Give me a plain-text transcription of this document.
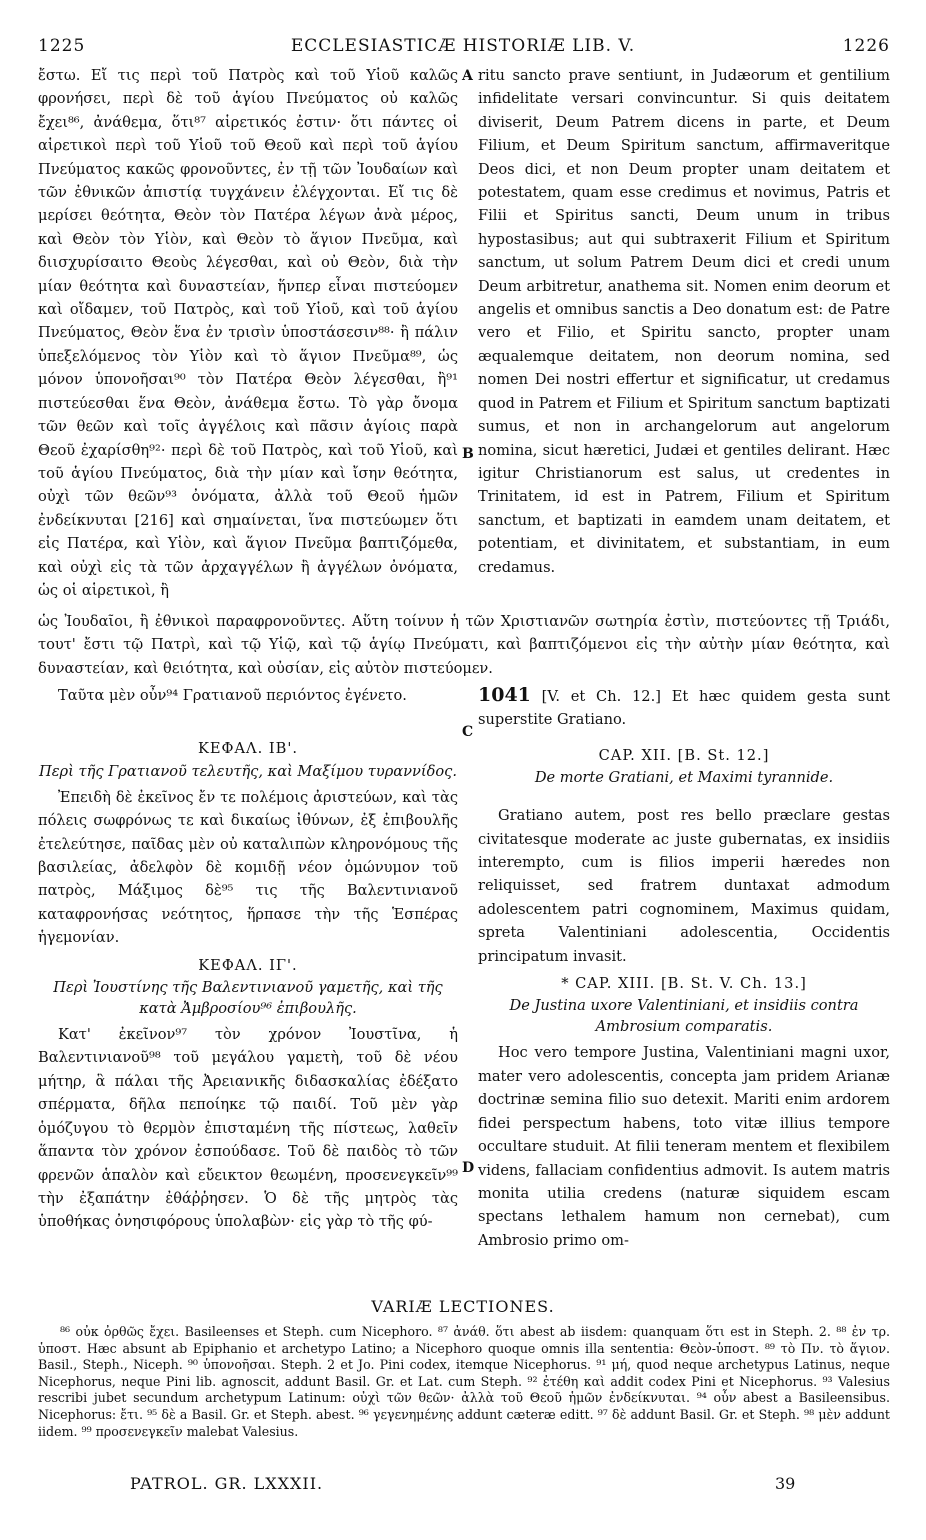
1225	ECCLESIASTICÆ HISTORIÆ LIB. V.	1226

ἔστω. Εἴ τις περὶ τοῦ Πατρὸς καὶ τοῦ Υἱοῦ καλῶς φρονήσει, περὶ δὲ τοῦ ἁγίου Πνεύματος οὐ καλῶς ἔχει⁸⁶, ἀνάθεμα, ὅτι⁸⁷ αἱρετικός ἐστιν· ὅτι πάντες οἱ αἱρετικοὶ περὶ τοῦ Υἱοῦ τοῦ Θεοῦ καὶ περὶ τοῦ ἁγίου Πνεύματος κακῶς φρονοῦντες, ἐν τῇ τῶν Ἰουδαίων καὶ τῶν ἐθνικῶν ἀπιστίᾳ τυγχάνειν ἐλέγχονται. Εἴ τις δὲ μερίσει θεότητα, Θεὸν τὸν Πατέρα λέγων ἀνὰ μέρος, καὶ Θεὸν τὸν Υἱὸν, καὶ Θεὸν τὸ ἅγιον Πνεῦμα, καὶ διισχυρίσαιτο Θεοὺς λέγεσθαι, καὶ οὐ Θεὸν, διὰ τὴν μίαν θεότητα καὶ δυναστείαν, ἥνπερ εἶναι πιστεύομεν καὶ οἴδαμεν, τοῦ Πατρὸς, καὶ τοῦ Υἱοῦ, καὶ τοῦ ἁγίου Πνεύματος, Θεὸν ἕνα ἐν τρισὶν ὑποστάσεσιν⁸⁸· ἢ πάλιν ὑπεξελόμενος τὸν Υἱὸν καὶ τὸ ἅγιον Πνεῦμα⁸⁹, ὡς μόνον ὑπονοῆσαι⁹⁰ τὸν Πατέρα Θεὸν λέγεσθαι, ἢ⁹¹ πιστεύεσθαι ἕνα Θεὸν, ἀνάθεμα ἔστω. Τὸ γὰρ ὄνομα τῶν θεῶν καὶ τοῖς ἀγγέλοις καὶ πᾶσιν ἁγίοις παρὰ Θεοῦ ἐχαρίσθη⁹²· περὶ δὲ τοῦ Πατρὸς, καὶ τοῦ Υἱοῦ, καὶ τοῦ ἁγίου Πνεύματος, διὰ τὴν μίαν καὶ ἴσην θεότητα, οὐχὶ τῶν θεῶν⁹³ ὀνόματα, ἀλλὰ τοῦ Θεοῦ ἡμῶν ἐνδείκνυται [216] καὶ σημαίνεται, ἵνα πιστεύωμεν ὅτι εἰς Πατέρα, καὶ Υἱὸν, καὶ ἅγιον Πνεῦμα βαπτιζόμεθα, καὶ οὐχὶ εἰς τὰ τῶν ἀρχαγγέλων ἢ ἀγγέλων ὀνόματα, ὡς οἱ αἱρετικοὶ, ἢ

ritu sancto prave sentiunt, in Judæorum et gentilium infidelitate versari convincuntur. Si quis deitatem diviserit, Deum Patrem dicens in parte, et Deum Filium, et Deum Spiritum sanctum, affirmaveritque Deos dici, et non Deum propter unam deitatem et potestatem, quam esse credimus et novimus, Patris et Filii et Spiritus sancti, Deum unum in tribus hypostasibus; aut qui subtraxerit Filium et Spiritum sanctum, ut solum Patrem Deum dici et credi unum Deum arbitretur, anathema sit. Nomen enim deorum et angelis et omnibus sanctis a Deo donatum est: de Patre vero et Filio, et Spiritu sancto, propter unam æqualemque deitatem, non deorum nomina, sed nomen Dei nostri effertur et significatur, ut credamus quod in Patrem et Filium et Spiritum sanctum baptizati sumus, et non in archangelorum aut angelorum nomina, sicut hæretici, Judæi et gentiles delirant. Hæc igitur Christianorum est salus, ut credentes in Trinitatem, id est in Patrem, Filium et Spiritum sanctum, et baptizati in eamdem unam deitatem, et potentiam, et divinitatem, et substantiam, in eum credamus.

A
B
C
D

ὡς Ἰουδαῖοι, ἢ ἐθνικοὶ παραφρονοῦντες. Αὕτη τοίνυν ἡ τῶν Χριστιανῶν σωτηρία ἐστὶν, πιστεύοντες τῇ Τριάδι, τουτ' ἔστι τῷ Πατρὶ, καὶ τῷ Υἱῷ, καὶ τῷ ἁγίῳ Πνεύματι, καὶ βαπτιζόμενοι εἰς τὴν αὐτὴν μίαν θεότητα, καὶ δυναστείαν, καὶ θειότητα, καὶ οὐσίαν, εἰς αὐτὸν πιστεύομεν.

Ταῦτα μὲν οὖν⁹⁴ Γρατιανοῦ περιόντος ἐγένετο.

ΚΕΦΑΛ. ΙΒ'.
Περὶ τῆς Γρατιανοῦ τελευτῆς, καὶ Μαξίμου τυραννίδος.

Ἐπειδὴ δὲ ἐκεῖνος ἔν τε πολέμοις ἀριστεύων, καὶ τὰς πόλεις σωφρόνως τε καὶ δικαίως ἰθύνων, ἐξ ἐπιβουλῆς ἐτελεύτησε, παῖδας μὲν οὐ καταλιπὼν κληρονόμους τῆς βασιλείας, ἀδελφὸν δὲ κομιδῇ νέον ὁμώνυμον τοῦ πατρὸς, Μάξιμος δὲ⁹⁵ τις τῆς Βαλεντινιανοῦ καταφρονήσας νεότητος, ἥρπασε τὴν τῆς Ἑσπέρας ἡγεμονίαν.

ΚΕΦΑΛ. ΙΓ'.
Περὶ Ἰουστίνης τῆς Βαλεντινιανοῦ γαμετῆς, καὶ τῆς κατὰ Ἀμβροσίου⁹⁶ ἐπιβουλῆς.

Κατ' ἐκεῖνον⁹⁷ τὸν χρόνον Ἰουστῖνα, ἡ Βαλεντινιανοῦ⁹⁸ τοῦ μεγάλου γαμετὴ, τοῦ δὲ νέου μήτηρ, ἃ πάλαι τῆς Ἀρειανικῆς διδασκαλίας ἐδέξατο σπέρματα, δῆλα πεποίηκε τῷ παιδί. Τοῦ μὲν γὰρ ὁμόζυγου τὸ θερμὸν ἐπισταμένη τῆς πίστεως, λαθεῖν ἅπαντα τὸν χρόνον ἐσπούδασε. Τοῦ δὲ παιδὸς τὸ τῶν φρενῶν ἁπαλὸν καὶ εὔεικτον θεωμένη, προσενεγκεῖν⁹⁹ τὴν ἐξαπάτην ἐθάῤῥησεν. Ὁ δὲ τῆς μητρὸς τὰς ὑποθήκας ὀνησιφόρους ὑπολαβὼν· εἰς γὰρ τὸ τῆς φύ-

1041 [V. et Ch. 12.] Et hæc quidem gesta sunt superstite Gratiano.

CAP. XII. [B. St. 12.]
De morte Gratiani, et Maximi tyrannide.

Gratiano autem, post res bello præclare gestas civitatesque moderate ac juste gubernatas, ex insidiis interempto, cum is filios imperii hæredes non reliquisset, sed fratrem duntaxat admodum adolescentem patri cognominem, Maximus quidam, spreta Valentiniani adolescentia, Occidentis principatum invasit.

* CAP. XIII. [B. St. V. Ch. 13.]
De Justina uxore Valentiniani, et insidiis contra Ambrosium comparatis.

Hoc vero tempore Justina, Valentiniani magni uxor, mater vero adolescentis, concepta jam pridem Arianæ doctrinæ semina filio suo detexit. Mariti enim ardorem fidei perspectum habens, toto vitæ illius tempore occultare studuit. At filii teneram mentem et flexibilem videns, fallaciam confidentius admovit. Is autem matris monita utilia credens (naturæ siquidem escam spectans lethalem hamum non cernebat), cum Ambrosio primo om-

VARIÆ LECTIONES.

⁸⁶ οὐκ ὀρθῶς ἔχει. Basileenses et Steph. cum Nicephoro. ⁸⁷ ἀνάθ. ὅτι abest ab iisdem: quanquam ὅτι est in Steph. 2. ⁸⁸ ἐν τρ. ὑποστ. Hæc absunt ab Epiphanio et archetypo Latino; a Nicephoro quoque omnis illa sententia: Θεὸν-ὑποστ. ⁸⁹ τὸ Πν. τὸ ἅγιον. Basil., Steph., Niceph. ⁹⁰ ὑπονοῆσαι. Steph. 2 et Jo. Pini codex, itemque Nicephorus. ⁹¹ μή, quod neque archetypus Latinus, neque Nicephorus, neque Pini lib. agnoscit, addunt Basil. Gr. et Lat. cum Steph. ⁹² ἐτέθη καὶ addit codex Pini et Nicephorus. ⁹³ Valesius rescribi jubet secundum archetypum Latinum: οὐχὶ τῶν θεῶν· ἀλλὰ τοῦ Θεοῦ ἡμῶν ἐνδείκνυται. ⁹⁴ οὖν abest a Basileensibus. Nicephorus: ἔτι. ⁹⁵ δὲ a Basil. Gr. et Steph. abest. ⁹⁶ γεγενημένης addunt cæteræ editt. ⁹⁷ δὲ addunt Basil. Gr. et Steph. ⁹⁸ μὲν addunt iidem. ⁹⁹ προσενεγκεῖν malebat Valesius.

PATROL. GR. LXXXII.	39
